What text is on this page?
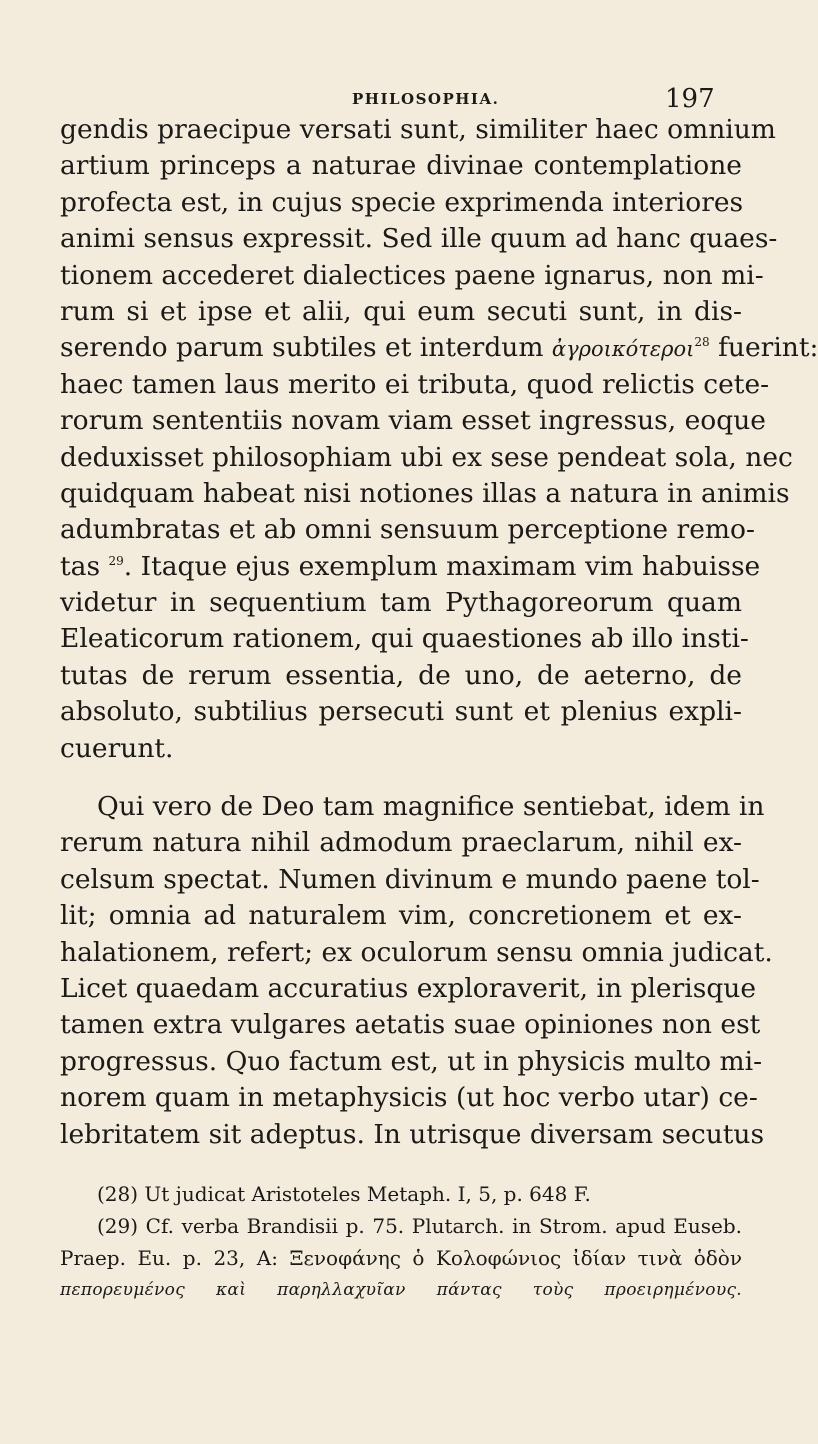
PHILOSOPHIA.	197
gendis praecipue versati sunt, similiter haec omnium
artium princeps a naturae divinae contemplatione
profecta est, in cujus specie exprimenda interiores
animi sensus expressit. Sed ille quum ad hanc quaes-
tionem accederet dialectices paene ignarus, non mi-
rum si et ipse et alii, qui eum secuti sunt, in dis-
serendo parum subtiles et interdum ἀγροικότεροι$^{28}$ fuerint:
haec tamen laus merito ei tributa, quod relictis cete-
rorum sententiis novam viam esset ingressus, eoque
deduxisset philosophiam ubi ex sese pendeat sola, nec
quidquam habeat nisi notiones illas a natura in animis
adumbratas et ab omni sensuum perceptione remo-
tas $^{29}$. Itaque ejus exemplum maximam vim habuisse
videtur in sequentium tam Pythagoreorum quam
Eleaticorum rationem, qui quaestiones ab illo insti-
tutas de rerum essentia, de uno, de aeterno, de
absoluto, subtilius persecuti sunt et plenius expli-
cuerunt.
Qui vero de Deo tam magnifice sentiebat, idem in
rerum natura nihil admodum praeclarum, nihil ex-
celsum spectat. Numen divinum e mundo paene tol-
lit; omnia ad naturalem vim, concretionem et ex-
halationem, refert; ex oculorum sensu omnia judicat.
Licet quaedam accuratius exploraverit, in plerisque
tamen extra vulgares aetatis suae opiniones non est
progressus. Quo factum est, ut in physicis multo mi-
norem quam in metaphysicis (ut hoc verbo utar) ce-
lebritatem sit adeptus. In utrisque diversam secutus
(28) Ut judicat Aristoteles Metaph. I, 5, p. 648 F.
(29) Cf. verba Brandisii p. 75. Plutarch. in Strom. apud Euseb.
Praep. Eu. p. 23, A: Ξενοφάνης ὁ Κολοφώνιος ἰδίαν τινὰ ὁδὸν
πεπορευμένος καὶ παρηλλαχυῖαν πάντας τοὺς προειρημένους.
